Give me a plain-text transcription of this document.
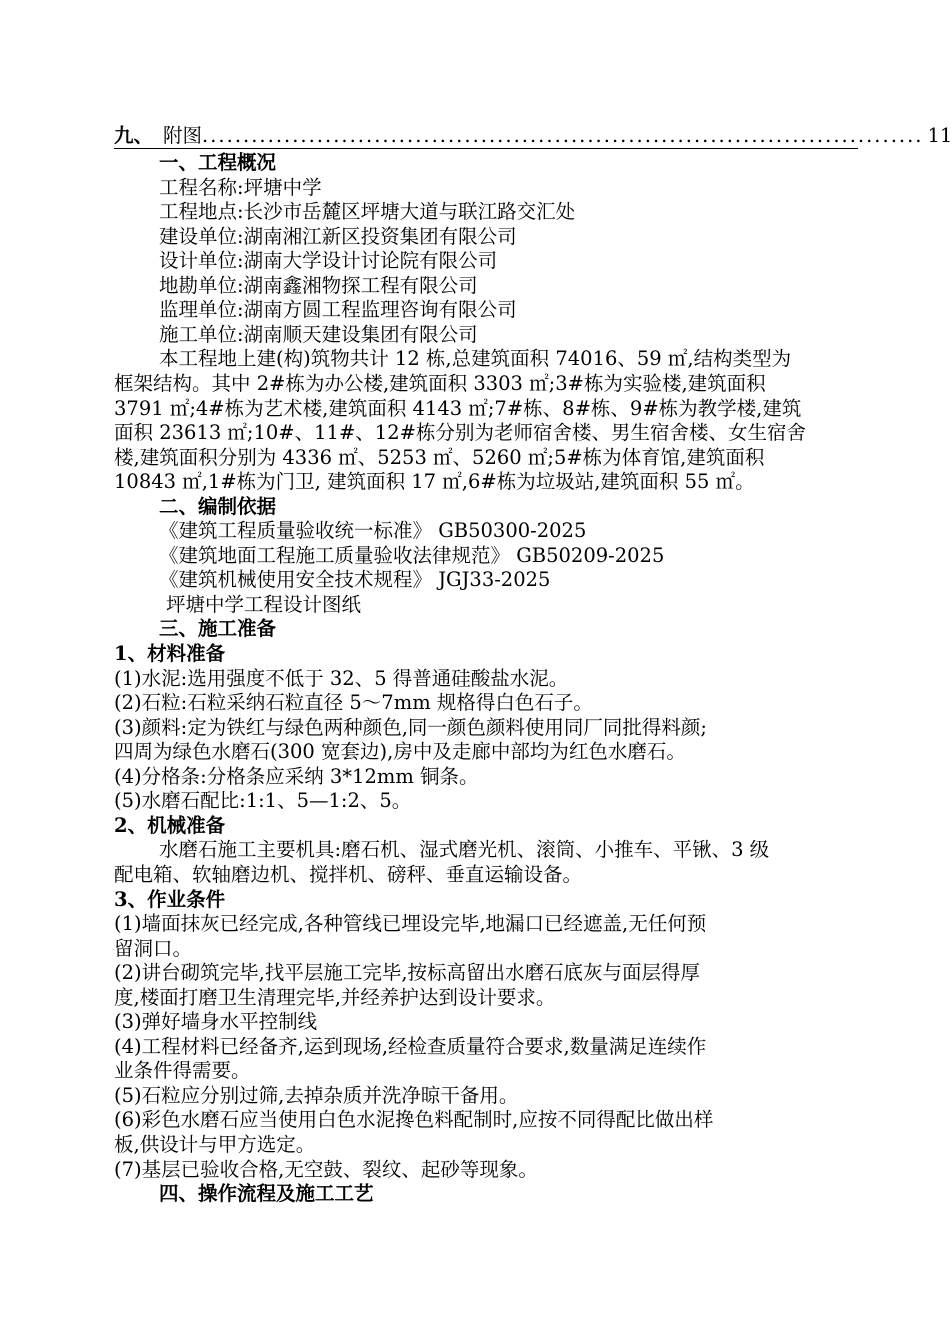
九、 附图 ........................................................................................ 11
一、工程概况
工程名称:坪塘中学
工程地点:长沙市岳麓区坪塘大道与联江路交汇处
建设单位:湖南湘江新区投资集团有限公司
设计单位:湖南大学设计讨论院有限公司
地勘单位:湖南鑫湘物探工程有限公司
监理单位:湖南方圆工程监理咨询有限公司
施工单位:湖南顺天建设集团有限公司
本工程地上建(构)筑物共计 12 栋,总建筑面积 74016、59 ㎡,结构类型为
框架结构。其中 2#栋为办公楼,建筑面积 3303 ㎡;3#栋为实验楼,建筑面积
3791 ㎡;4#栋为艺术楼,建筑面积 4143 ㎡;7#栋、8#栋、9#栋为教学楼,建筑
面积 23613 ㎡;10#、11#、12#栋分别为老师宿舍楼、男生宿舍楼、女生宿舍
楼,建筑面积分别为 4336 ㎡、5253 ㎡、5260 ㎡;5#栋为体育馆,建筑面积
10843 ㎡,1#栋为门卫, 建筑面积 17 ㎡,6#栋为垃圾站,建筑面积 55 ㎡。
二、编制依据
《建筑工程质量验收统一标准》 GB50300-2025
《建筑地面工程施工质量验收法律规范》 GB50209-2025
《建筑机械使用安全技术规程》 JGJ33-2025
坪塘中学工程设计图纸
三、施工准备
1、材料准备
(1)水泥:选用强度不低于 32、5 得普通硅酸盐水泥。
(2)石粒:石粒采纳石粒直径 5～7mm 规格得白色石子。
(3)颜料:定为铁红与绿色两种颜色,同一颜色颜料使用同厂同批得料颜;
四周为绿色水磨石(300 宽套边),房中及走廊中部均为红色水磨石。
(4)分格条:分格条应采纳 3*12mm 铜条。
(5)水磨石配比:1:1、5—1:2、5。
2、机械准备
水磨石施工主要机具:磨石机、湿式磨光机、滚筒、小推车、平锹、3 级
配电箱、软轴磨边机、搅拌机、磅秤、垂直运输设备。
3、作业条件
(1)墙面抹灰已经完成,各种管线已埋设完毕,地漏口已经遮盖,无任何预
留洞口。
(2)讲台砌筑完毕,找平层施工完毕,按标高留出水磨石底灰与面层得厚
度,楼面打磨卫生清理完毕,并经养护达到设计要求。
(3)弹好墙身水平控制线
(4)工程材料已经备齐,运到现场,经检查质量符合要求,数量满足连续作
业条件得需要。
(5)石粒应分别过筛,去掉杂质并洗净晾干备用。
(6)彩色水磨石应当使用白色水泥搀色料配制时,应按不同得配比做出样
板,供设计与甲方选定。
(7)基层已验收合格,无空鼓、裂纹、起砂等现象。
四、操作流程及施工工艺
